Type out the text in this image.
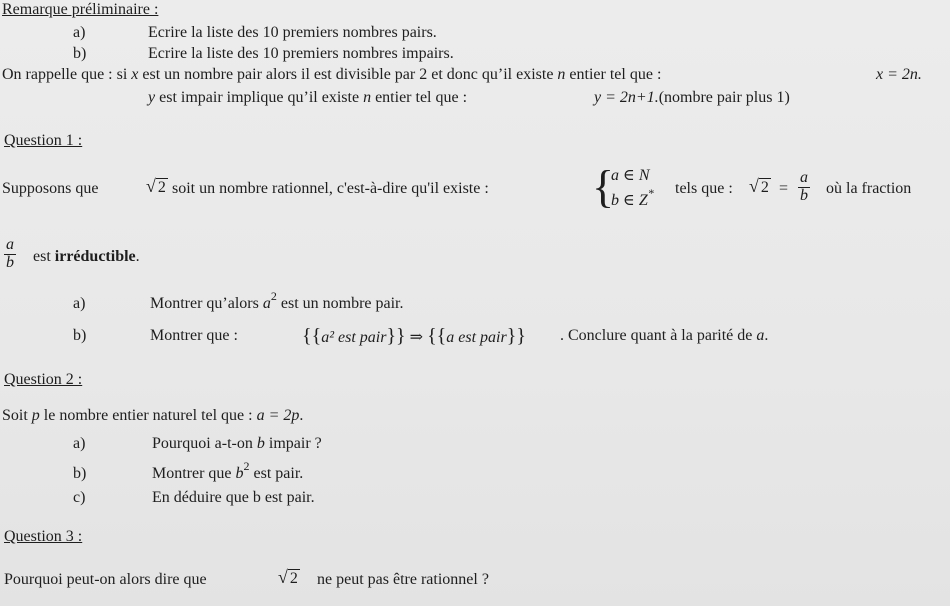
Remarque préliminaire :
a)	Ecrire la liste des 10 premiers nombres pairs.
b)	Ecrire la liste des 10 premiers nombres impairs.
On rappelle que : si x est un nombre pair alors il est divisible par 2 et donc qu’il existe n entier tel que :	x = 2n.
y est impair implique qu’il existe n entier tel que :	y = 2n+1.(nombre pair plus 1)
Question 1 :
Supposons que	√ 2 soit un nombre rationnel, c'est-à-dire qu'il existe : {
a ∈ N
b ∈ Z* tels que : √ $2 = \frac{a}{b}$ où la fraction
$\frac{a}{b}$ est irréductible.
a)	Montrer qu’alors $a^2$ est un nombre pair.
b)	Montrer que :	{{a² est pair}} ⇒ {{a est pair}} . Conclure quant à la parité de a.
Question 2 :
Soit p le nombre entier naturel tel que : a = 2p.
a)	Pourquoi a-t-on b impair ?
b)	Montrer que $b^2$ est pair.
c)	En déduire que b est pair.
Question 3 :
Pourquoi peut-on alors dire que	√ 2 ne peut pas être rationnel ?
